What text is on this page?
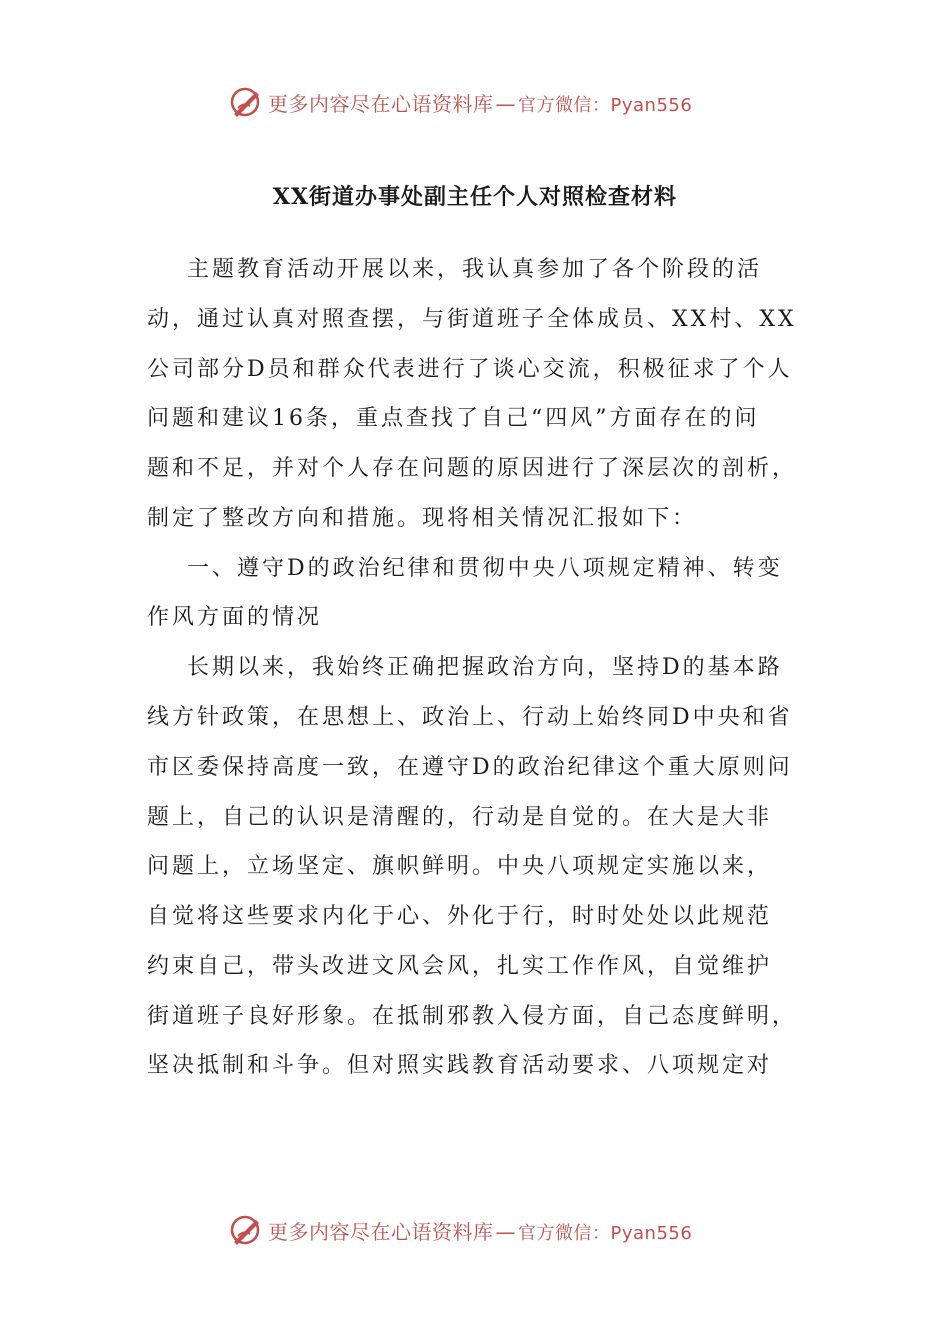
更多内容尽在心语资料库 — 官方微信：Pyan556
XX街道办事处副主任个人对照检查材料
主题教育活动开展以来，我认真参加了各个阶段的活
动，通过认真对照查摆，与街道班子全体成员、XX村、XX
公司部分D员和群众代表进行了谈心交流，积极征求了个人
问题和建议16条，重点查找了自己“四风”方面存在的问
题和不足，并对个人存在问题的原因进行了深层次的剖析，
制定了整改方向和措施。现将相关情况汇报如下：
一、遵守D的政治纪律和贯彻中央八项规定精神、转变
作风方面的情况
长期以来，我始终正确把握政治方向，坚持D的基本路
线方针政策，在思想上、政治上、行动上始终同D中央和省
市区委保持高度一致，在遵守D的政治纪律这个重大原则问
题上，自己的认识是清醒的，行动是自觉的。在大是大非
问题上，立场坚定、旗帜鲜明。中央八项规定实施以来，
自觉将这些要求内化于心、外化于行，时时处处以此规范
约束自己，带头改进文风会风，扎实工作作风，自觉维护
街道班子良好形象。在抵制邪教入侵方面，自己态度鲜明，
坚决抵制和斗争。但对照实践教育活动要求、八项规定对
更多内容尽在心语资料库 — 官方微信：Pyan556
